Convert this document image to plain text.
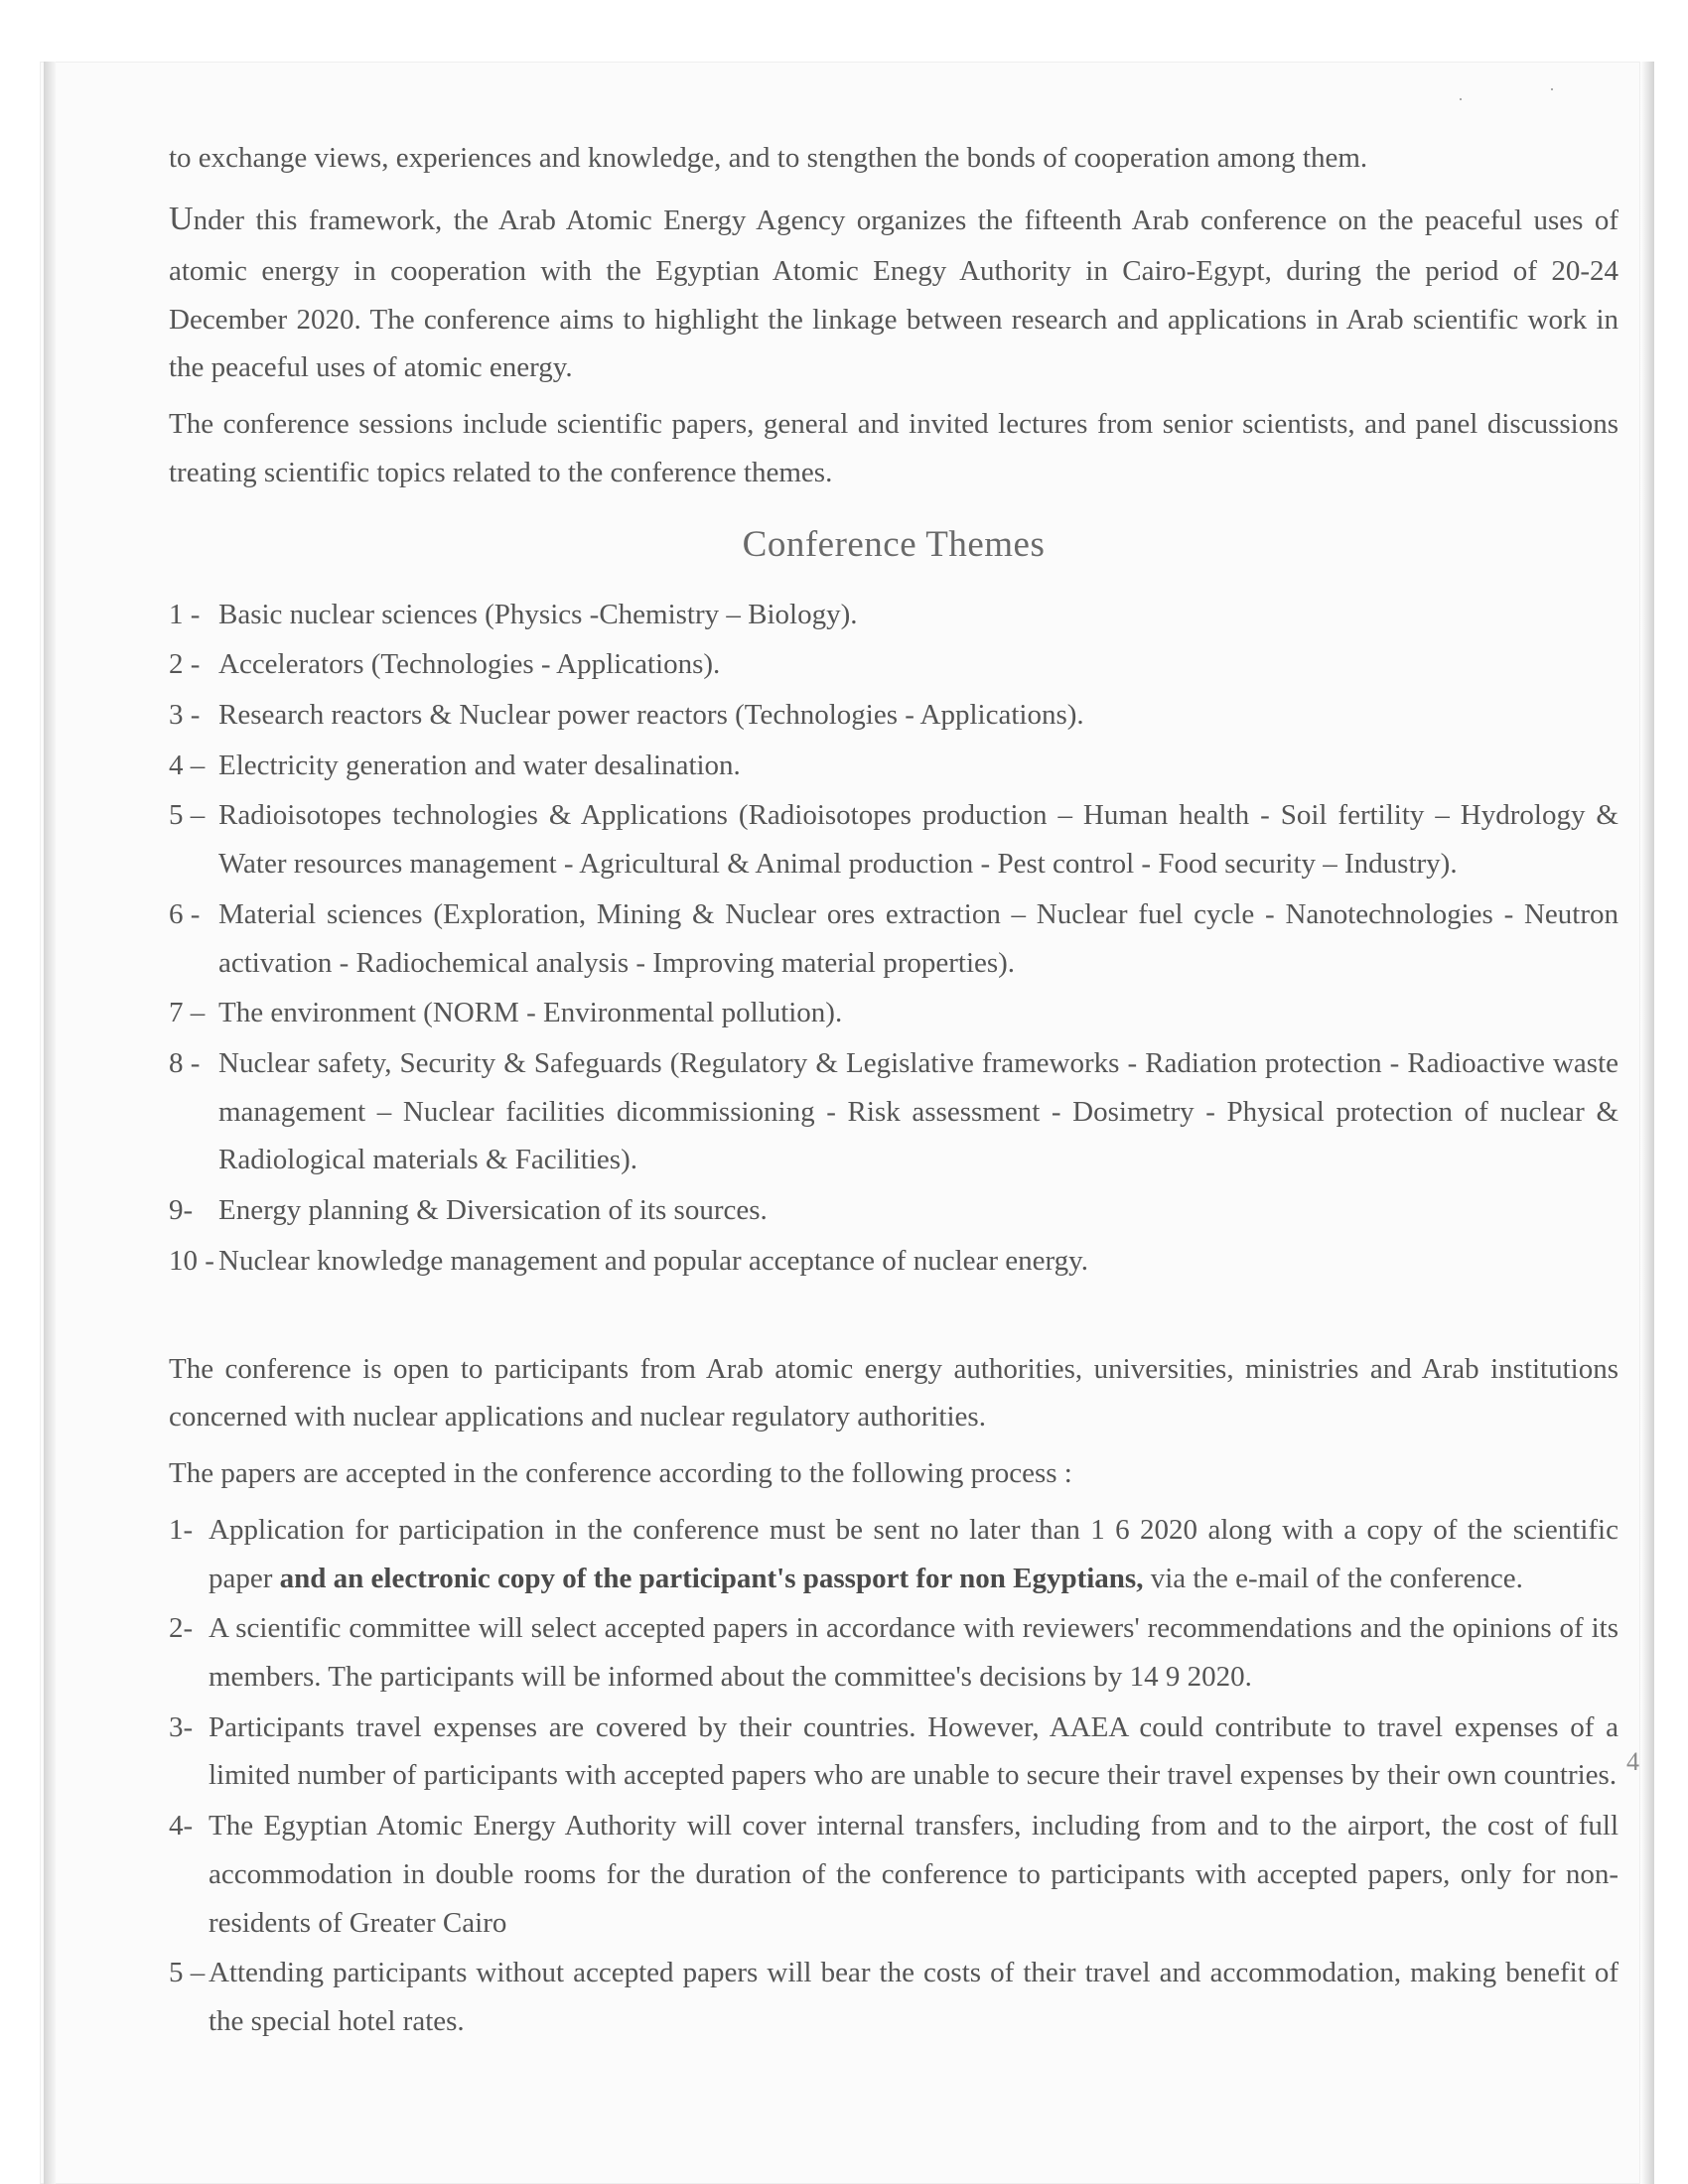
·	·

to exchange views, experiences and knowledge, and to stengthen the bonds of cooperation among them.

Under this framework, the Arab Atomic Energy Agency organizes the fifteenth Arab conference on the peaceful uses of atomic energy in cooperation with the Egyptian Atomic Enegy Authority in Cairo-Egypt, during the period of 20-24 December 2020. The conference aims to highlight the linkage between research and applications in Arab scientific work in the peaceful uses of atomic energy.

The conference sessions include scientific papers, general and invited lectures from senior scientists, and panel discussions treating scientific topics related to the conference themes.

Conference Themes
1 - Basic nuclear sciences (Physics -Chemistry – Biology).
2 - Accelerators (Technologies - Applications).
3 - Research reactors & Nuclear power reactors (Technologies - Applications).
4 – Electricity generation and water desalination.
5 – Radioisotopes technologies & Applications (Radioisotopes production – Human health - Soil fertility – Hydrology & Water resources management - Agricultural & Animal production - Pest control - Food security – Industry).
6 - Material sciences (Exploration, Mining & Nuclear ores extraction – Nuclear fuel cycle - Nanotechnologies - Neutron activation - Radiochemical analysis - Improving material properties).
7 – The environment (NORM - Environmental pollution).
8 - Nuclear safety, Security & Safeguards (Regulatory & Legislative frameworks - Radiation protection - Radioactive waste management – Nuclear facilities dicommissioning - Risk assessment - Dosimetry - Physical protection of nuclear & Radiological materials & Facilities).
9- Energy planning & Diversication of its sources.
10 - Nuclear knowledge management and popular acceptance of nuclear energy.

The conference is open to participants from Arab atomic energy authorities, universities, ministries and Arab institutions concerned with nuclear applications and nuclear regulatory authorities.

The papers are accepted in the conference according to the following process :

1- Application for participation in the conference must be sent no later than 1 6 2020 along with a copy of the scientific paper and an electronic copy of the participant's passport for non Egyptians, via the e-mail of the conference.
2- A scientific committee will select accepted papers in accordance with reviewers' recommendations and the opinions of its members. The participants will be informed about the committee's decisions by 14 9 2020.
3- Participants travel expenses are covered by their countries. However, AAEA could contribute to travel expenses of a limited number of participants with accepted papers who are unable to secure their travel expenses by their own countries.
4- The Egyptian Atomic Energy Authority will cover internal transfers, including from and to the airport, the cost of full accommodation in double rooms for the duration of the conference to participants with accepted papers, only for non-residents of Greater Cairo
5 – Attending participants without accepted papers will bear the costs of their travel and accommodation, making benefit of the special hotel rates.
4
